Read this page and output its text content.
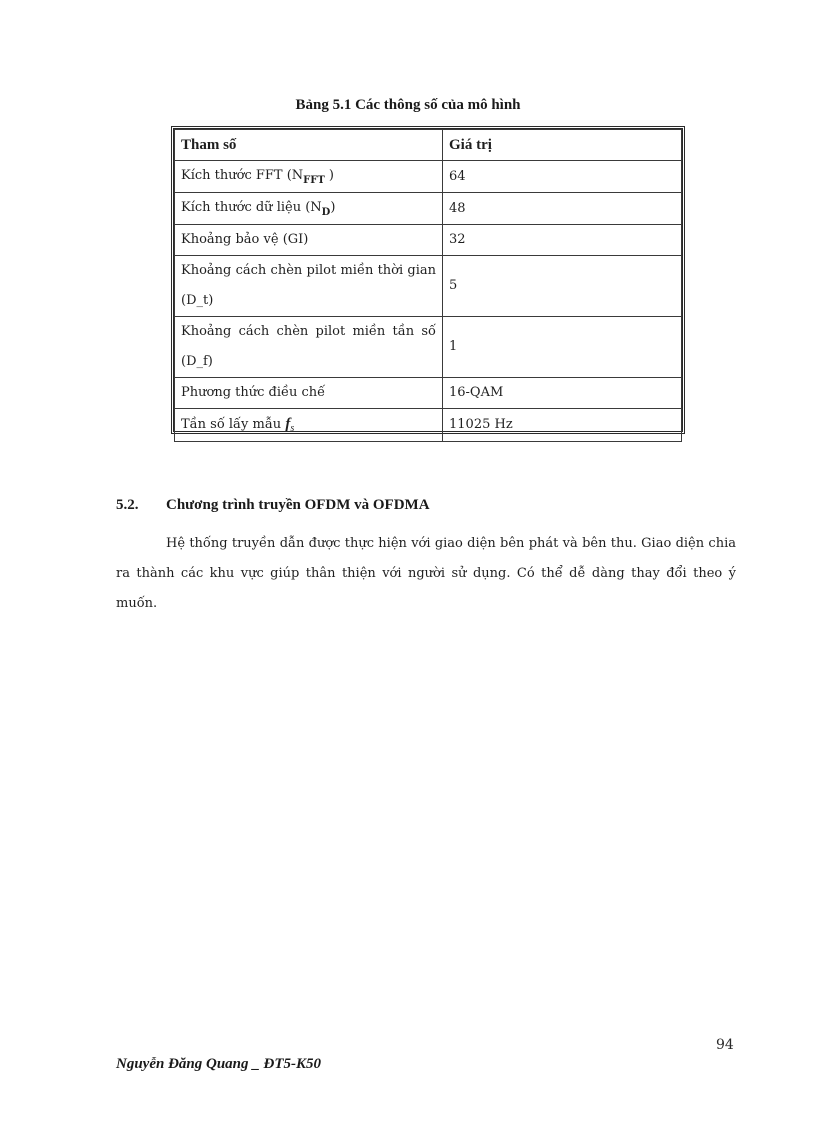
Bảng 5.1 Các thông số của mô hình
Tham số	Giá trị
Kích thước FFT ($N_{FFT}$ )	64
Kích thước dữ liệu $(N_D)$	48
Khoảng bảo vệ (GI)	32
Khoảng cách chèn pilot miền thời gian (D_t)	5
Khoảng cách chèn pilot miền tần số (D_f)	1
Phương thức điều chế	16-QAM
Tần số lấy mẫu $f_s$	11025 Hz
5.2. Chương trình truyền OFDM và OFDMA
Hệ thống truyền dẫn được thực hiện với giao diện bên phát và bên thu. Giao diện chia ra thành các khu vực giúp thân thiện với người sử dụng. Có thể dễ dàng thay đổi theo ý muốn.
94
Nguyễn Đăng Quang _ ĐT5-K50
